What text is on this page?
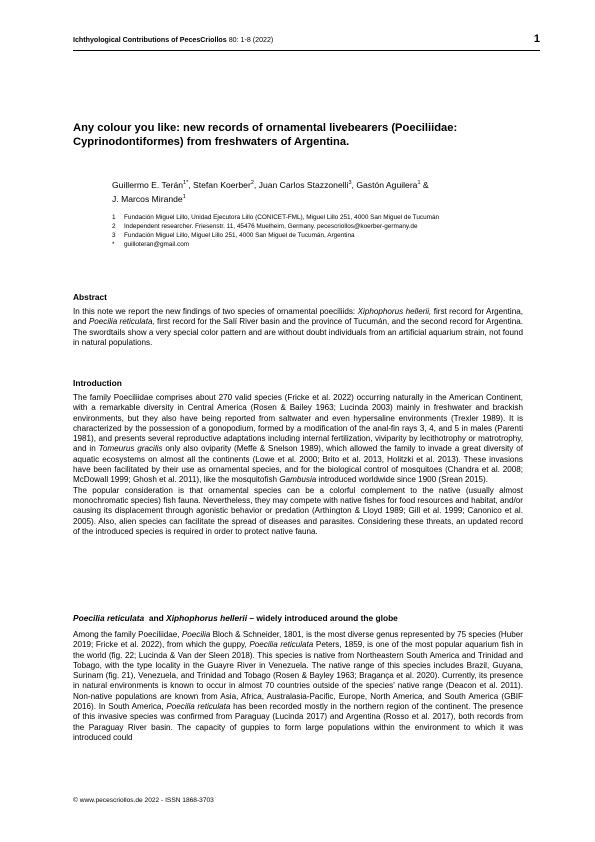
Ichthyological Contributions of PecesCriollos 80: 1-8 (2022)	1
Any colour you like: new records of ornamental livebearers (Poeciliidae:
Cyprinodontiformes) from freshwaters of Argentina.
Guillermo E. Terán$^{1*}$, Stefan Koerber$^2$, Juan Carlos Stazzonelli$^3$, Gastón Aguilera$^1$ &
J. Marcos Mirande$^1$
1	Fundación Miguel Lillo, Unidad Ejecutora Lillo (CONICET-FML), Miguel Lillo 251, 4000 San Miguel de Tucumán
2	Independent researcher. Friesenstr. 11, 45476 Muelheim, Germany. pecescriollos@koerber-germany.de
3	Fundación Miguel Lillo, Miguel Lillo 251, 4000 San Miguel de Tucumán, Argentina
*	guilloteran@gmail.com
Abstract
In this note we report the new findings of two species of ornamental poeciliids: Xiphophorus hellerii, first record for Argentina, and Poecilia reticulata, first record for the Salí River basin and the province of Tucumán, and the second record for Argentina. The swordtails show a very special color pattern and are without doubt individuals from an artificial aquarium strain, not found in natural populations.
Introduction

The family Poeciliidae comprises about 270 valid species (Fricke et al. 2022) occurring naturally in the American Continent, with a remarkable diversity in Central America (Rosen & Bailey 1963; Lucinda 2003) mainly in freshwater and brackish environments, but they also have being reported from saltwater and even hypersaline environments (Trexler 1989). It is characterized by the possession of a gonopodium, formed by a modification of the anal-fin rays 3, 4, and 5 in males (Parenti 1981), and presents several reproductive adaptations including internal fertilization, viviparity by lecithotrophy or matrotrophy, and in Tomeurus gracilis only also oviparity (Meffe & Snelson 1989), which allowed the family to invade a great diversity of aquatic ecosystems on almost all the continents (Lowe et al. 2000; Brito et al. 2013, Holitzki et al. 2013). These invasions have been facilitated by their use as ornamental species, and for the biological control of mosquitoes (Chandra et al. 2008; McDowall 1999; Ghosh et al. 2011), like the mosquitofish Gambusia introduced worldwide since 1900 (Srean 2015).

The popular consideration is that ornamental species can be a colorful complement to the native (usually almost monochromatic species) fish fauna. Nevertheless, they may compete with native fishes for food resources and habitat, and/or causing its displacement through agonistic behavior or predation (Arthington & Lloyd 1989; Gill et al. 1999; Canonico et al. 2005). Also, alien species can facilitate the spread of diseases and parasites. Considering these threats, an updated record of the introduced species is required in order to protect native fauna.

Poecilia reticulata  and Xiphophorus hellerii – widely introduced around the globe
Among the family Poeciliidae, Poecilia Bloch & Schneider, 1801, is the most diverse genus represented by 75 species (Huber 2019; Fricke et al. 2022), from which the guppy, Poecilia reticulata Peters, 1859, is one of the most popular aquarium fish in the world (fig. 22; Lucinda & Van der Sleen 2018). This species is native from Northeastern South America and Trinidad and Tobago, with the type locality in the Guayre River in Venezuela. The native range of this species includes Brazil, Guyana, Surinam (fig. 21), Venezuela, and Trinidad and Tobago (Rosen & Bayley 1963; Bragança et al. 2020). Currently, its presence in natural environments is known to occur in almost 70 countries outside of the species' native range (Deacon et al. 2011). Non-native populations are known from Asia, Africa, Australasia-Pacific, Europe, North America, and South America (GBIF 2016). In South America, Poecilia reticulata has been recorded mostly in the northern region of the continent. The presence of this invasive species was confirmed from Paraguay (Lucinda 2017) and Argentina (Rosso et al. 2017), both records from the Paraguay River basin. The capacity of guppies to form large populations within the environment to which it was introduced could
© www.pecescriollos.de 2022 - ISSN 1868-3703
